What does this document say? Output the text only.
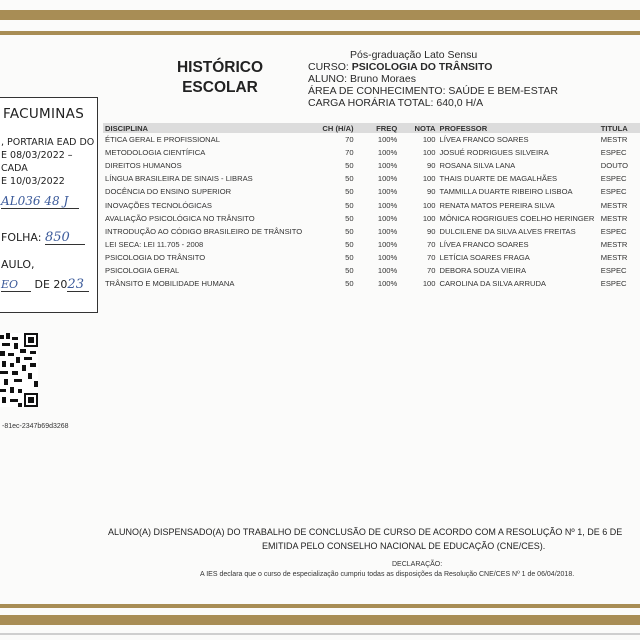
HISTÓRICO
ESCOLAR
Pós-graduação Lato Sensu
CURSO: PSICOLOGIA DO TRÂNSITO
ALUNO: Bruno Moraes
ÁREA DE CONHECIMENTO: SAÚDE E BEM-ESTAR
CARGA HORÁRIA TOTAL: 640,0 H/A
FACUMINAS
, PORTARIA EAD DO
E 08/03/2022 –
CADA
E 10/03/2022
AL036 48 J
FOLHA: 850
AULO,
EO DE 2023
-81ec-2347b69d3268
DISCIPLINA	CH (H/A)	FREQ	NOTA	PROFESSOR	TITULA
ÉTICA GERAL E PROFISSIONAL	70	100%	100	LÍVEA FRANCO SOARES	MESTR
METODOLOGIA CIENTÍFICA	70	100%	100	JOSUÉ RODRIGUES SILVEIRA	ESPEC
DIREITOS HUMANOS	50	100%	90	ROSANA SILVA LANA	DOUTO
LÍNGUA BRASILEIRA DE SINAIS - LIBRAS	50	100%	100	THAIS DUARTE DE MAGALHÃES	ESPEC
DOCÊNCIA DO ENSINO SUPERIOR	50	100%	90	TAMMILLA DUARTE RIBEIRO LISBOA	ESPEC
INOVAÇÕES TECNOLÓGICAS	50	100%	100	RENATA MATOS PEREIRA SILVA	MESTR
AVALIAÇÃO PSICOLÓGICA NO TRÂNSITO	50	100%	100	MÔNICA ROGRIGUES COELHO HERINGER	MESTR
INTRODUÇÃO AO CÓDIGO BRASILEIRO DE TRÂNSITO	50	100%	90	DULCILENE DA SILVA ALVES FREITAS	ESPEC
LEI SECA: LEI 11.705 - 2008	50	100%	70	LÍVEA FRANCO SOARES	MESTR
PSICOLOGIA DO TRÂNSITO	50	100%	70	LETÍCIA SOARES FRAGA	MESTR
PSICOLOGIA GERAL	50	100%	70	DEBORA SOUZA VIEIRA	ESPEC
TRÂNSITO E MOBILIDADE HUMANA	50	100%	100	CAROLINA DA SILVA ARRUDA	ESPEC
ALUNO(A) DISPENSADO(A) DO TRABALHO DE CONCLUSÃO DE CURSO DE ACORDO COM A RESOLUÇÃO Nº 1, DE 6 DE
EMITIDA PELO CONSELHO NACIONAL DE EDUCAÇÃO (CNE/CES).
DECLARAÇÃO:
A IES declara que o curso de especialização cumpriu todas as disposições da Resolução CNE/CES Nº 1 de 06/04/2018.
